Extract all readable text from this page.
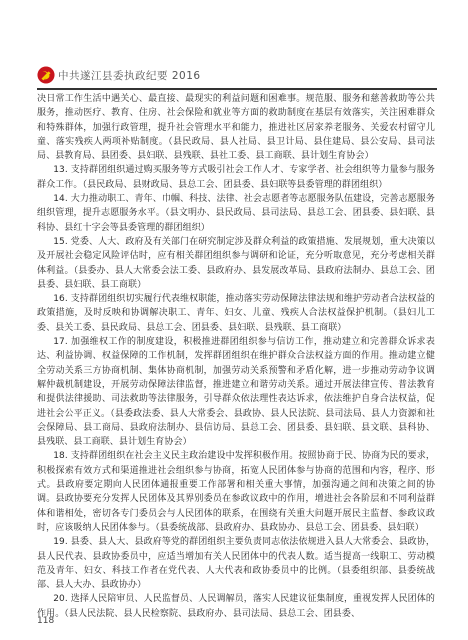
中共遂江县委执政纪要 2016

决日常工作生活中遇关心、最直接、最现实的利益问题和困难事。规范服、服务和慈善救助等公共服务，推动医疗、教育、住房、社会保险和就业等方面的救助制度在基层有效落实，关注困难群众和特殊群体，加强行政管理，提升社会管理水平和能力，推进社区居家养老服务、关爱农村留守儿童、落实残疾人两项补贴制度。（县民政局、县人社局、县卫计局、县住建局、县公安局、县司法局、县教育局、县团委、县妇联、县残联、县社工委、县工商联、县计划生育协会）

13. 支持群团组织通过购买服务等方式吸引社会工作人才、专家学者、社会组织等力量参与服务群众工作。（县民政局、县财政局、县总工会、团县委、县妇联等县委管理的群团组织）

14. 大力推动职工、青年、巾帼、科技、法律、社会志愿者等志愿服务队伍建设，完善志愿服务组织管理，提升志愿服务水平。（县文明办、县民政局、县司法局、县总工会、团县委、县妇联、县科协、县红十字会等县委管理的群团组织）

15. 党委、人大、政府及有关部门在研究制定涉及群众利益的政策措施、发展规划，重大决策以及开展社会稳定风险评估时，应有相关群团组织参与调研和论证，充分听取意见，充分考虑相关群体利益。（县委办、县人大常委会法工委、县政府办、县发展改革局、县政府法制办、县总工会、团县委、县妇联、县工商联）

16. 支持群团组织切实履行代表维权职能，推动落实劳动保障法律法规和维护劳动者合法权益的政策措施，及时反映和协调解决职工、青年、妇女、儿童、残疾人合法权益保护机制。（县妇儿工委、县关工委、县民政局、县总工会、团县委、县妇联、县残联、县工商联）

17. 加强维权工作的制度建设，积极推进群团组织参与信访工作，推动建立和完善群众诉求表达、利益协调、权益保障的工作机制，发挥群团组织在维护群众合法权益方面的作用。推动建立健全劳动关系三方协商机制、集体协商机制，加强劳动关系预警和矛盾化解，进一步推动劳动争议调解仲裁机制建设，开展劳动保障法律监督，推进建立和谐劳动关系。通过开展法律宣传、普法教育和提供法律援助、司法救助等法律服务，引导群众依法理性表达诉求，依法维护自身合法权益，促进社会公平正义。（县委政法委、县人大常委会、县政协、县人民法院、县司法局、县人力资源和社会保障局、县工商局、县政府法制办、县信访局、县总工会、团县委、县妇联、县文联、县科协、县残联、县工商联、县计划生育协会）

18. 支持群团组织在社会主义民主政治建设中发挥积极作用。按照协商于民、协商为民的要求，积极探索有效方式和渠道推进社会组织参与协商，拓宽人民团体参与协商的范围和内容，程序、形式。县政府要定期向人民团体通报重要工作部署和相关重大事情，加强沟通之间和决策之间的协调。县政协要充分发挥人民团体及其界别委员在参政议政中的作用，增进社会各阶层和不同利益群体和谐相处，密切各专门委员会与人民团体的联系，在围绕有关重大问题开展民主监督、参政议政时，应该吸纳人民团体参与。（县委统战部、县政府办、县政协办、县总工会、团县委、县妇联）

19. 县委、县人大、县政府等党的群团组织主要负责同志依法依规进入县人大常委会、县政协，县人民代表、县政协委员中，应适当增加有关人民团体中的代表人数。适当提高一线职工、劳动模范及青年、妇女、科技工作者在党代表、人大代表和政协委员中的比例。（县委组织部、县委统战部、县人大办、县政协办）

20. 选择人民陪审员、人民监督员、人民调解员，落实人民建议征集制度，重视发挥人民团体的作用。（县人民法院、县人民检察院、县政府办、县司法局、县总工会、团县委、

118
